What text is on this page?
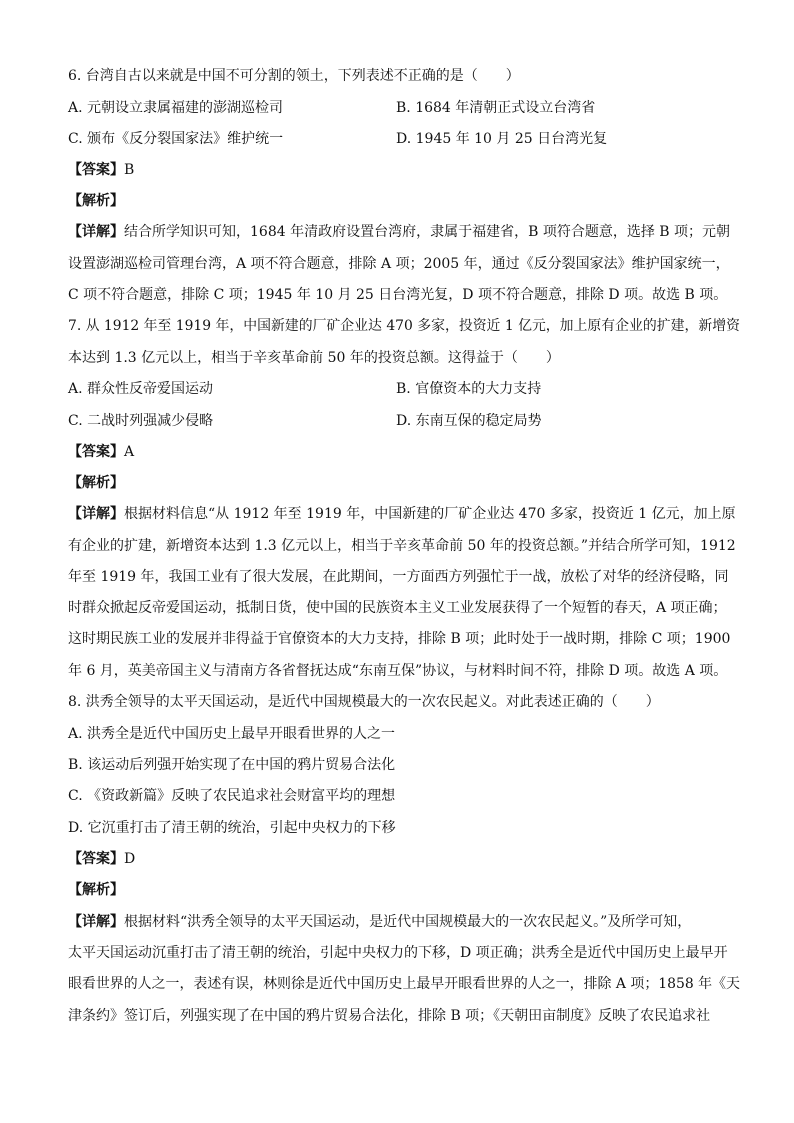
6. 台湾自古以来就是中国不可分割的领土，下列表述不正确的是（　　）
A. 元朝设立隶属福建的澎湖巡检司	B. 1684 年清朝正式设立台湾省
C. 颁布《反分裂国家法》维护统一	D. 1945 年 10 月 25 日台湾光复
【答案】B
【解析】
【详解】结合所学知识可知，1684 年清政府设置台湾府，隶属于福建省，B 项符合题意，选择 B 项；元朝
设置澎湖巡检司管理台湾，A 项不符合题意，排除 A 项；2005 年，通过《反分裂国家法》维护国家统一，
C 项不符合题意，排除 C 项；1945 年 10 月 25 日台湾光复，D 项不符合题意，排除 D 项。故选 B 项。
7. 从 1912 年至 1919 年，中国新建的厂矿企业达 470 多家，投资近 1 亿元，加上原有企业的扩建，新增资
本达到 1.3 亿元以上，相当于辛亥革命前 50 年的投资总额。这得益于（　　）
A. 群众性反帝爱国运动	B. 官僚资本的大力支持
C. 二战时列强减少侵略	D. 东南互保的稳定局势
【答案】A
【解析】
【详解】根据材料信息“从 1912 年至 1919 年，中国新建的厂矿企业达 470 多家，投资近 1 亿元，加上原
有企业的扩建，新增资本达到 1.3 亿元以上，相当于辛亥革命前 50 年的投资总额。”并结合所学可知，1912
年至 1919 年，我国工业有了很大发展，在此期间，一方面西方列强忙于一战，放松了对华的经济侵略，同
时群众掀起反帝爱国运动，抵制日货，使中国的民族资本主义工业发展获得了一个短暂的春天，A 项正确；
这时期民族工业的发展并非得益于官僚资本的大力支持，排除 B 项；此时处于一战时期，排除 C 项；1900
年 6 月，英美帝国主义与清南方各省督抚达成“东南互保”协议，与材料时间不符，排除 D 项。故选 A 项。
8. 洪秀全领导的太平天国运动，是近代中国规模最大的一次农民起义。对此表述正确的（　　）
A. 洪秀全是近代中国历史上最早开眼看世界的人之一
B. 该运动后列强开始实现了在中国的鸦片贸易合法化
C. 《资政新篇》反映了农民追求社会财富平均的理想
D. 它沉重打击了清王朝的统治，引起中央权力的下移
【答案】D
【解析】
【详解】根据材料“洪秀全领导的太平天国运动，是近代中国规模最大的一次农民起义。”及所学可知，
太平天国运动沉重打击了清王朝的统治，引起中央权力的下移，D 项正确；洪秀全是近代中国历史上最早开
眼看世界的人之一，表述有误，林则徐是近代中国历史上最早开眼看世界的人之一，排除 A 项；1858 年《天
津条约》签订后，列强实现了在中国的鸦片贸易合法化，排除 B 项；《天朝田亩制度》反映了农民追求社
